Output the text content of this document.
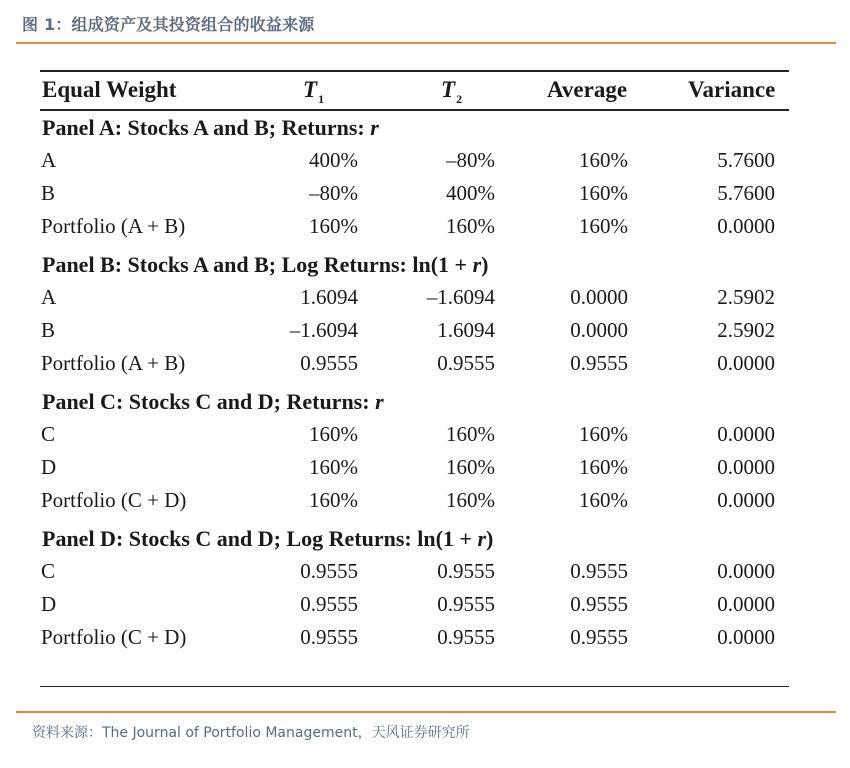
图 1：组成资产及其投资组合的收益来源
Equal Weight	$T_1$	$T_2$	Average	Variance
Panel A: Stocks A and B; Returns: r
A	400%	–80%	160%	5.7600
B	–80%	400%	160%	5.7600
Portfolio (A + B)	160%	160%	160%	0.0000
Panel B: Stocks A and B; Log Returns: ln(1 + r)
A	1.6094	–1.6094	0.0000	2.5902
B	–1.6094	1.6094	0.0000	2.5902
Portfolio (A + B)	0.9555	0.9555	0.9555	0.0000
Panel C: Stocks C and D; Returns: r
C	160%	160%	160%	0.0000
D	160%	160%	160%	0.0000
Portfolio (C + D)	160%	160%	160%	0.0000
Panel D: Stocks C and D; Log Returns: ln(1 + r)
C	0.9555	0.9555	0.9555	0.0000
D	0.9555	0.9555	0.9555	0.0000
Portfolio (C + D)	0.9555	0.9555	0.9555	0.0000
资料来源：The Journal of Portfolio Management，天风证券研究所
